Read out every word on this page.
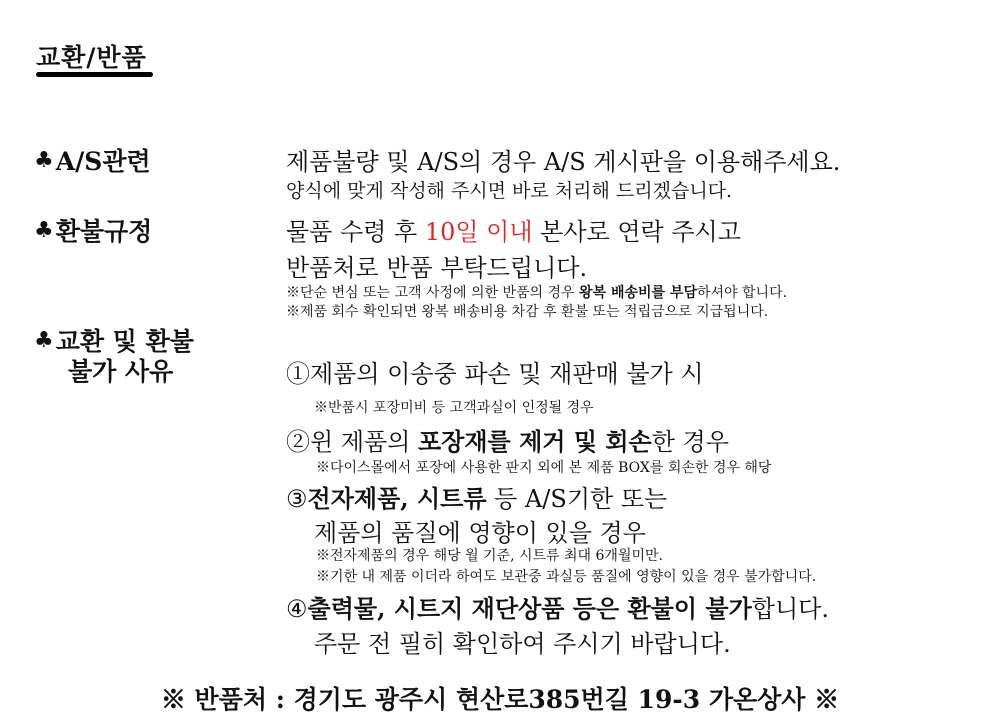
교환/반품
♣ A/S관련	제품불량 및 A/S의 경우 A/S 게시판을 이용해주세요.
양식에 맞게 작성해 주시면 바로 처리해 드리겠습니다.
♣ 환불규정	물품 수령 후 10일 이내 본사로 연락 주시고
반품처로 반품 부탁드립니다.
※단순 변심 또는 고객 사정에 의한 반품의 경우 왕복 배송비를 부담하셔야 합니다.
※제품 회수 확인되면 왕복 배송비용 차감 후 환불 또는 적립금으로 지급됩니다.
♣ 교환 및 환불
불가 사유	①제품의 이송중 파손 및 재판매 불가 시
※반품시 포장미비 등 고객과실이 인정될 경우
②윈 제품의 포장재를 제거 및 회손한 경우
※다이스몰에서 포장에 사용한 판지 외에 본 제품 BOX를 회손한 경우 해당
③전자제품, 시트류 등 A/S기한 또는
제품의 품질에 영향이 있을 경우
※전자제품의 경우 해당 월 기준, 시트류 최대 6개월미만.
※기한 내 제품 이더라 하여도 보관중 과실등 품질에 영향이 있을 경우 불가합니다.
④출력물, 시트지 재단상품 등은 환불이 불가합니다.
주문 전 필히 확인하여 주시기 바랍니다.
※ 반품처 : 경기도 광주시 현산로385번길 19-3 가온상사 ※
